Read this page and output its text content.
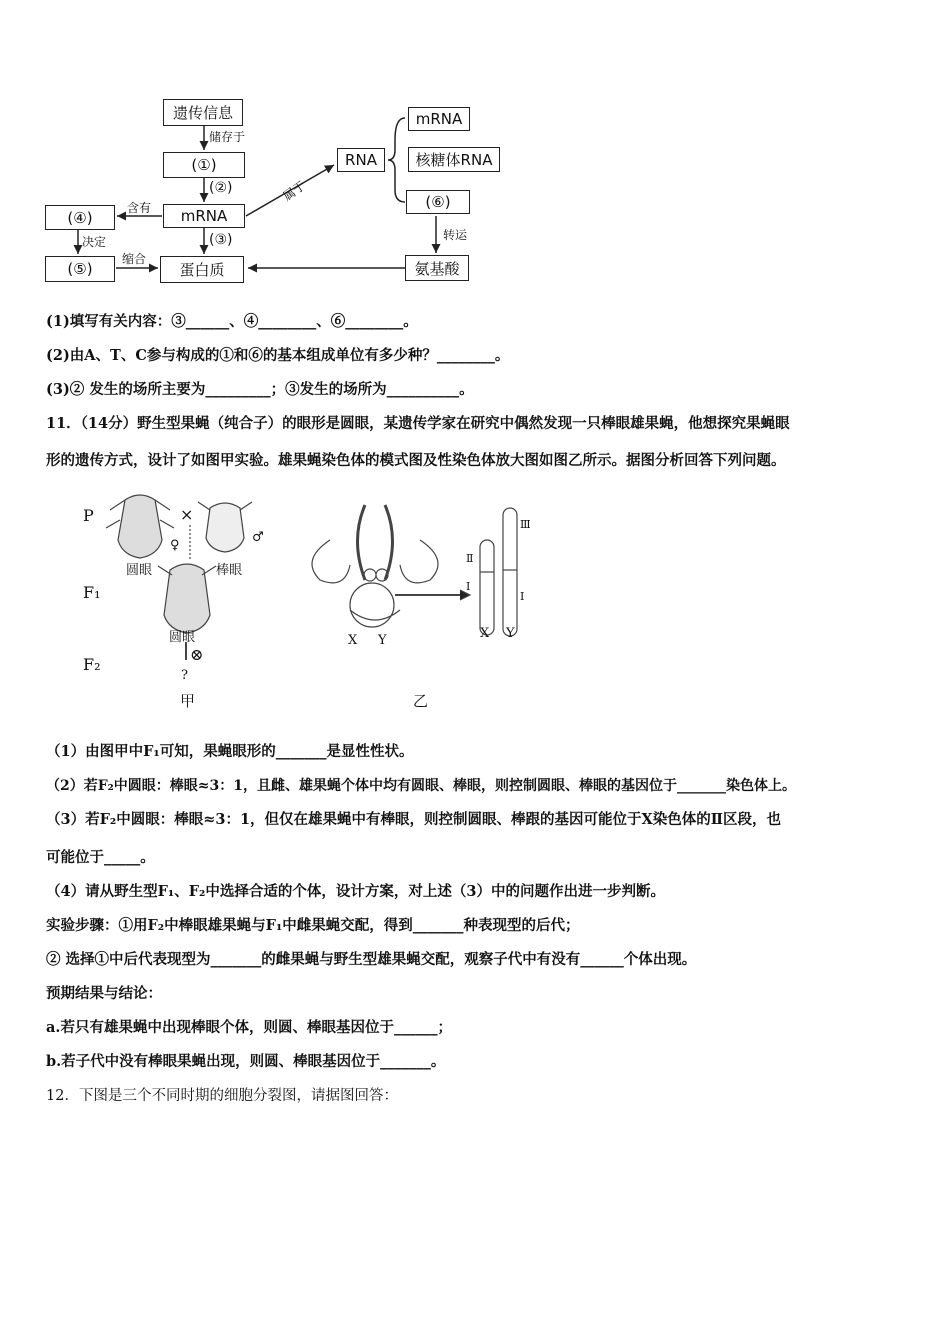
遗传信息
储存于
(①)
(②)
mRNA
(③)
蛋白质
(④)
含有
决定
(⑤)
缩合
RNA
属于
mRNA
核糖体RNA
(⑥)
转运
氨基酸
(1)填写有关内容：③______、④________、⑥________。
(2)由A、T、C参与构成的①和⑥的基本组成单位有多少种？________。
(3)② 发生的场所主要为_________；③发生的场所为__________。
11．（14分）野生型果蝇（纯合子）的眼形是圆眼，某遗传学家在研究中偶然发现一只棒眼雄果蝇，他想探究果蝇眼
形的遗传方式，设计了如图甲实验。雄果蝇染色体的模式图及性染色体放大图如图乙所示。据图分析回答下列问题。
P
F₁
F₂
×
♀
♂
圆眼	棒眼
圆眼
⊗
?
甲
X Y	X Y
Ⅱ
Ⅰ
Ⅲ
Ⅰ
乙
（1）由图甲中F₁可知，果蝇眼形的_______是显性性状。
（2）若F₂中圆眼：棒眼≈3：1，且雌、雄果蝇个体中均有圆眼、棒眼，则控制圆眼、棒眼的基因位于_______染色体上。
（3）若F₂中圆眼：棒眼≈3：1，但仅在雄果蝇中有棒眼，则控制圆眼、棒跟的基因可能位于X染色体的Ⅱ区段，也
可能位于_____。
（4）请从野生型F₁、F₂中选择合适的个体，设计方案，对上述（3）中的问题作出进一步判断。
实验步骤：①用F₂中棒眼雄果蝇与F₁中雌果蝇交配，得到_______种表现型的后代；
② 选择①中后代表现型为_______的雌果蝇与野生型雄果蝇交配，观察子代中有没有______个体出现。
预期结果与结论：
a.若只有雄果蝇中出现棒眼个体，则圆、棒眼基因位于______；
b.若子代中没有棒眼果蝇出现，则圆、棒眼基因位于_______。
12．下图是三个不同时期的细胞分裂图，请据图回答：
